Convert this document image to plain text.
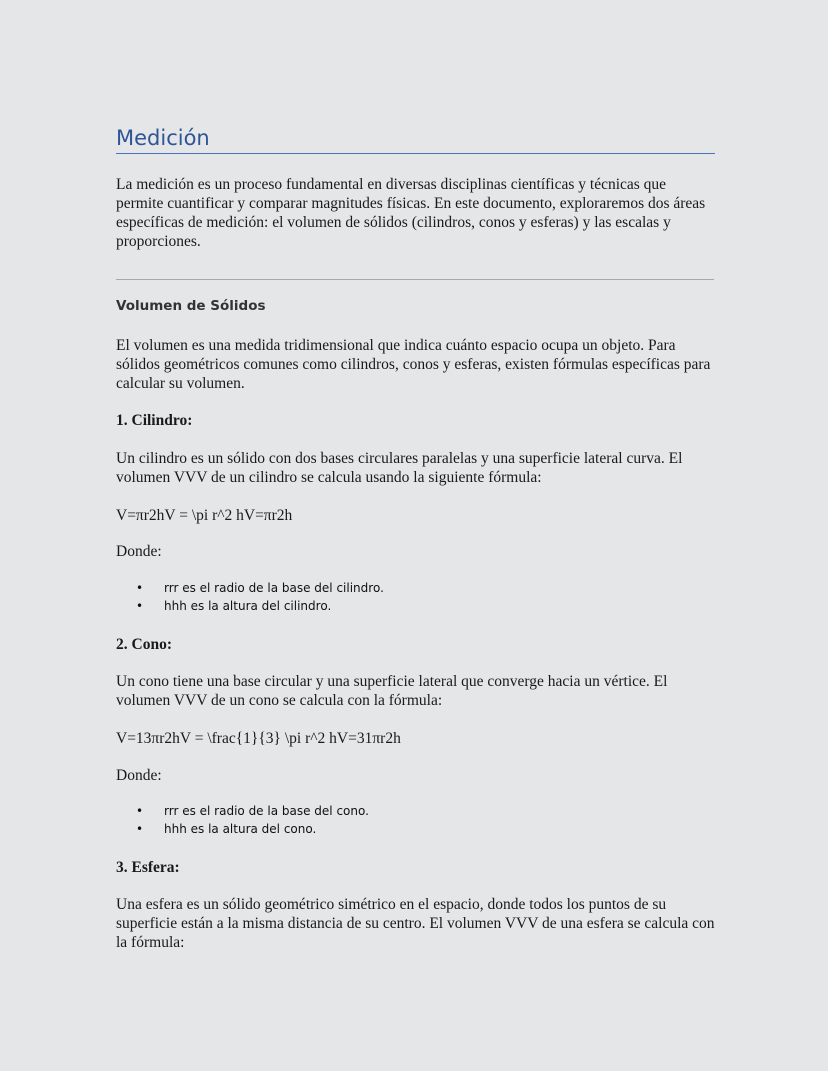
Medición

La medición es un proceso fundamental en diversas disciplinas científicas y técnicas que permite cuantificar y comparar magnitudes físicas. En este documento, exploraremos dos áreas específicas de medición: el volumen de sólidos (cilindros, conos y esferas) y las escalas y proporciones.

Volumen de Sólidos

El volumen es una medida tridimensional que indica cuánto espacio ocupa un objeto. Para sólidos geométricos comunes como cilindros, conos y esferas, existen fórmulas específicas para calcular su volumen.

1. Cilindro:

Un cilindro es un sólido con dos bases circulares paralelas y una superficie lateral curva. El volumen VVV de un cilindro se calcula usando la siguiente fórmula:

V=πr2hV = \pi r^2 hV=πr2h

Donde:

• rrr es el radio de la base del cilindro.
• hhh es la altura del cilindro.
2. Cono:

Un cono tiene una base circular y una superficie lateral que converge hacia un vértice. El volumen VVV de un cono se calcula con la fórmula:

V=13πr2hV = \frac{1}{3} \pi r^2 hV=31πr2h

Donde:

• rrr es el radio de la base del cono.
• hhh es la altura del cono.
3. Esfera:

Una esfera es un sólido geométrico simétrico en el espacio, donde todos los puntos de su superficie están a la misma distancia de su centro. El volumen VVV de una esfera se calcula con la fórmula:
